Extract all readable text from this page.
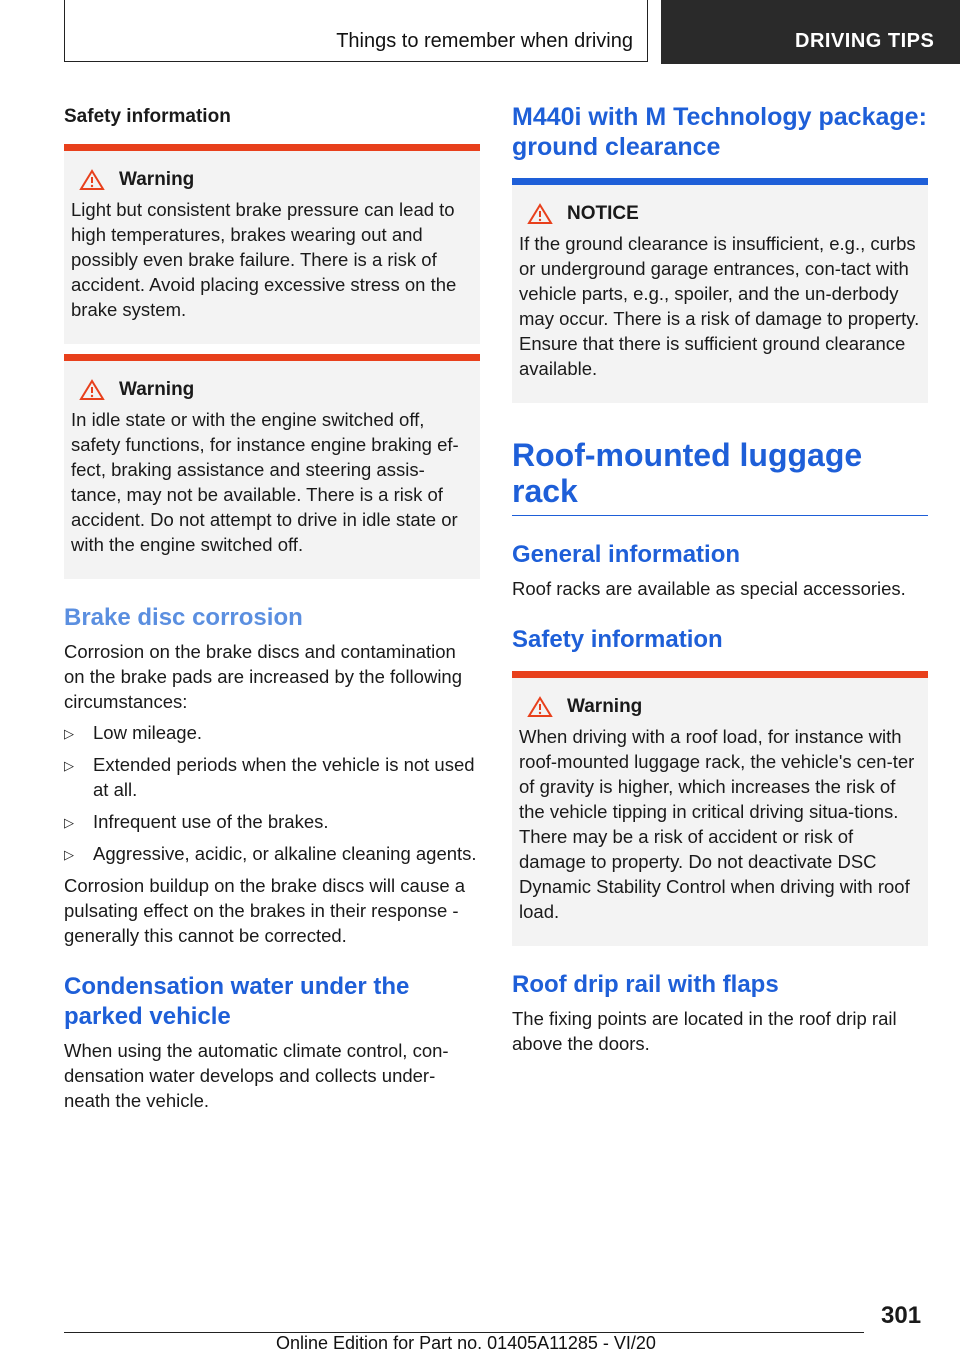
Things to remember when driving	DRIVING TIPS
Safety information
Warning

Light but consistent brake pressure can lead to high temperatures, brakes wearing out and possibly even brake failure. There is a risk of accident. Avoid placing excessive stress on the brake system.

Warning

In idle state or with the engine switched off, safety functions, for instance engine braking ef-fect, braking assistance and steering assis-tance, may not be available. There is a risk of accident. Do not attempt to drive in idle state or with the engine switched off.

Brake disc corrosion

Corrosion on the brake discs and contamination on the brake pads are increased by the following circumstances:

▷ Low mileage.
▷ Extended periods when the vehicle is not used at all.
▷ Infrequent use of the brakes.
▷ Aggressive, acidic, or alkaline cleaning agents.

Corrosion buildup on the brake discs will cause a pulsating effect on the brakes in their response - generally this cannot be corrected.

Condensation water under the parked vehicle

When using the automatic climate control, con-densation water develops and collects under-neath the vehicle.

M440i with M Technology package: ground clearance
NOTICE

If the ground clearance is insufficient, e.g., curbs or underground garage entrances, con-tact with vehicle parts, e.g., spoiler, and the un-derbody may occur. There is a risk of damage to property. Ensure that there is sufficient ground clearance available.

Roof-mounted luggage rack
General information

Roof racks are available as special accessories.

Safety information
Warning

When driving with a roof load, for instance with roof-mounted luggage rack, the vehicle's cen-ter of gravity is higher, which increases the risk of the vehicle tipping in critical driving situa-tions. There may be a risk of accident or risk of damage to property. Do not deactivate DSC Dynamic Stability Control when driving with roof load.

Roof drip rail with flaps

The fixing points are located in the roof drip rail above the doors.

301
Online Edition for Part no. 01405A11285 - VI/20
